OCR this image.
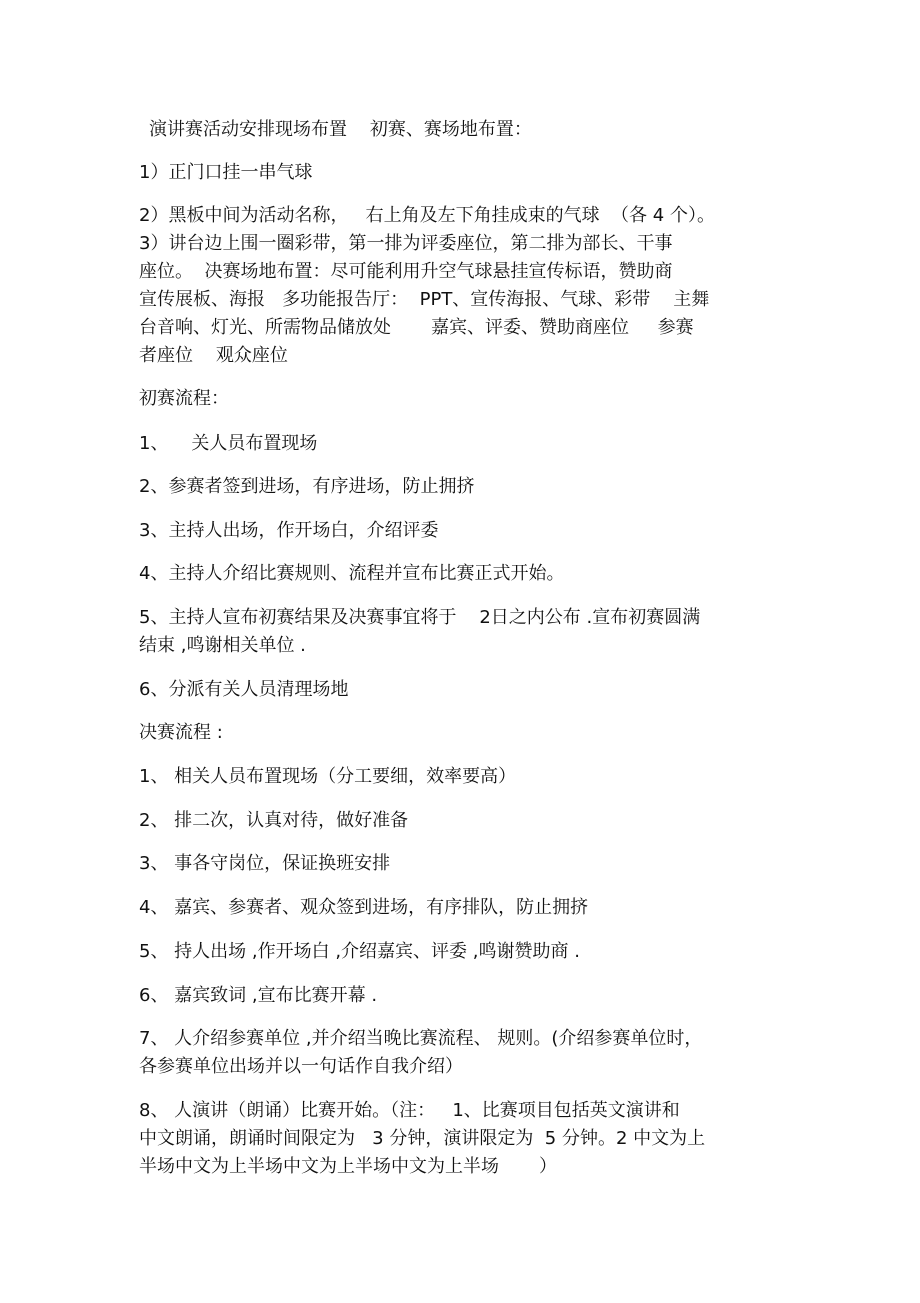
演讲赛活动安排现场布置    初赛、赛场地布置：
1）正门口挂一串气球
2）黑板中间为活动名称，   右上角及左下角挂成束的气球  （各 4 个）。
3）讲台边上围一圈彩带，第一排为评委座位，第二排为部长、干事
座位。  决赛场地布置：尽可能利用升空气球悬挂宣传标语，赞助商
宣传展板、海报   多功能报告厅：  PPT、宣传海报、气球、彩带    主舞
台音响、灯光、所需物品储放处       嘉宾、评委、赞助商座位     参赛
者座位    观众座位
初赛流程：
1、    关人员布置现场
2、参赛者签到进场，有序进场，防止拥挤
3、主持人出场，作开场白，介绍评委
4、主持人介绍比赛规则、流程并宣布比赛正式开始。
5、主持人宣布初赛结果及决赛事宜将于    2日之内公布 .宣布初赛圆满
结束 ,鸣谢相关单位 .
6、分派有关人员清理场地
决赛流程 :
1、 相关人员布置现场（分工要细，效率要高）
2、 排二次，认真对待，做好准备
3、 事各守岗位，保证换班安排
4、 嘉宾、参赛者、观众签到进场，有序排队，防止拥挤
5、 持人出场 ,作开场白 ,介绍嘉宾、评委 ,鸣谢赞助商 .
6、 嘉宾致词 ,宣布比赛开幕 .
7、 人介绍参赛单位 ,并介绍当晚比赛流程、 规则。(介绍参赛单位时，
各参赛单位出场并以一句话作自我介绍）
8、 人演讲（朗诵）比赛开始。（注：   1、比赛项目包括英文演讲和
中文朗诵，朗诵时间限定为   3 分钟，演讲限定为  5 分钟。2 中文为上
半场中文为上半场中文为上半场中文为上半场       ）
